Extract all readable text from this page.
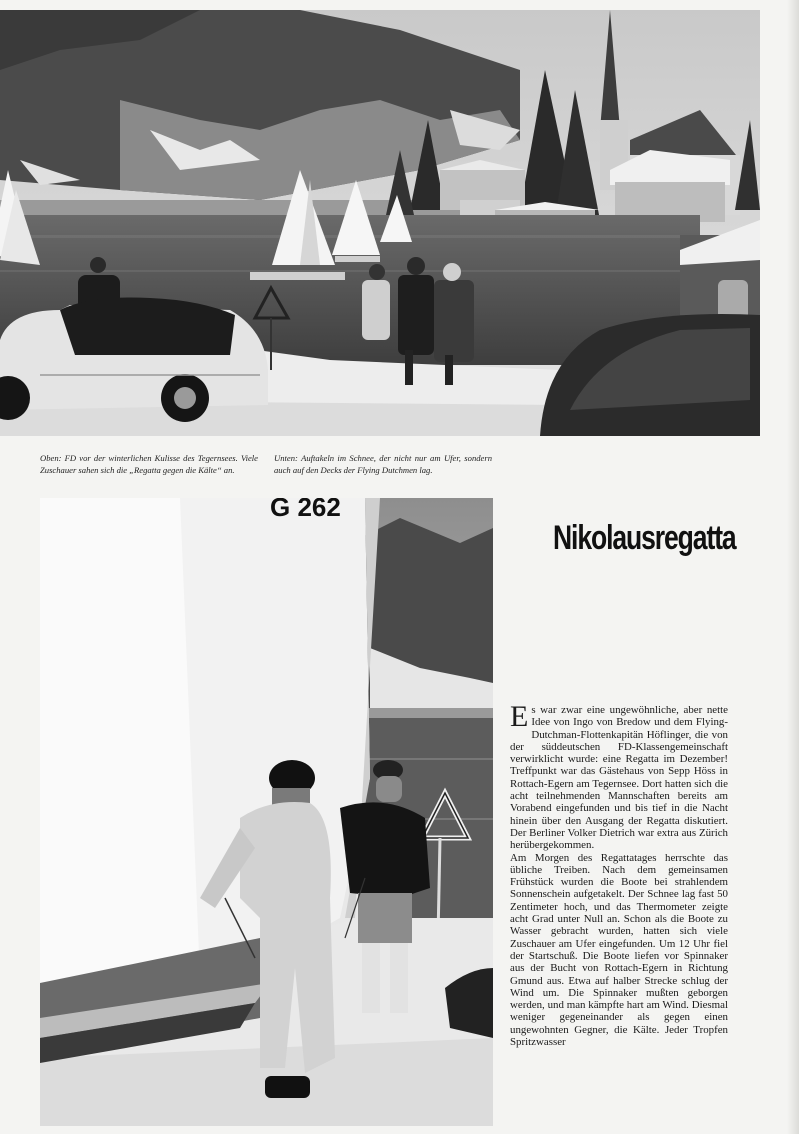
Oben: FD vor der winterlichen Kulisse des Tegernsees. Viele Zuschauer sahen sich die „Regatta gegen die Kälte“ an.
Unten: Auftakeln im Schnee, der nicht nur am Ufer, sondern auch auf den Decks der Flying Dutchmen lag.
G 262
Nikolausregatta

Es war zwar eine ungewöhnliche, aber nette Idee von Ingo von Bredow und dem Flying-Dutchman-Flottenkapitän Höflinger, die von der süddeutschen FD-Klassengemeinschaft verwirklicht wurde: eine Regatta im Dezember! Treffpunkt war das Gästehaus von Sepp Höss in Rottach-Egern am Tegernsee. Dort hatten sich die acht teilnehmenden Mannschaften bereits am Vorabend eingefunden und bis tief in die Nacht hinein über den Ausgang der Regatta diskutiert. Der Berliner Volker Dietrich war extra aus Zürich herübergekommen.

Am Morgen des Regattatages herrschte das übliche Treiben. Nach dem gemeinsamen Frühstück wurden die Boote bei strahlendem Sonnenschein aufgetakelt. Der Schnee lag fast 50 Zentimeter hoch, und das Thermometer zeigte acht Grad unter Null an. Schon als die Boote zu Wasser gebracht wurden, hatten sich viele Zuschauer am Ufer eingefunden. Um 12 Uhr fiel der Startschuß. Die Boote liefen vor Spinnaker aus der Bucht von Rottach-Egern in Richtung Gmund aus. Etwa auf halber Strecke schlug der Wind um. Die Spinnaker mußten geborgen werden, und man kämpfte hart am Wind. Diesmal weniger gegeneinander als gegen einen ungewohnten Gegner, die Kälte. Jeder Tropfen Spritzwasser
